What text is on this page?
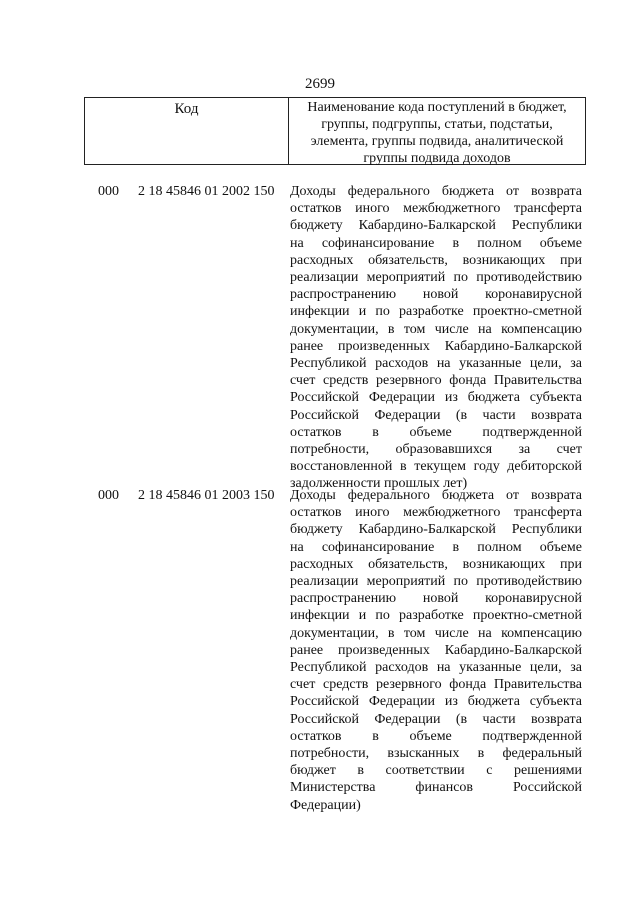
2699
Код	Наименование кода поступлений в бюджет, группы, подгруппы, статьи, подстатьи, элемента, группы подвида, аналитической группы подвида доходов
000	2 18 45846 01 2002 150	Доходы федерального бюджета от возврата
остатков иного межбюджетного трансферта
бюджету Кабардино-Балкарской Республики
на софинансирование в полном объеме
расходных обязательств, возникающих при
реализации мероприятий по противодействию
распространению новой коронавирусной
инфекции и по разработке проектно-сметной
документации, в том числе на компенсацию
ранее произведенных Кабардино-Балкарской
Республикой расходов на указанные цели, за
счет средств резервного фонда Правительства
Российской Федерации из бюджета субъекта
Российской Федерации (в части возврата
остатков в объеме подтвержденной
потребности, образовавшихся за счет
восстановленной в текущем году дебиторской
задолженности прошлых лет)
000	2 18 45846 01 2003 150	Доходы федерального бюджета от возврата
остатков иного межбюджетного трансферта
бюджету Кабардино-Балкарской Республики
на софинансирование в полном объеме
расходных обязательств, возникающих при
реализации мероприятий по противодействию
распространению новой коронавирусной
инфекции и по разработке проектно-сметной
документации, в том числе на компенсацию
ранее произведенных Кабардино-Балкарской
Республикой расходов на указанные цели, за
счет средств резервного фонда Правительства
Российской Федерации из бюджета субъекта
Российской Федерации (в части возврата
остатков в объеме подтвержденной
потребности, взысканных в федеральный
бюджет в соответствии с решениями
Министерства финансов Российской
Федерации)
